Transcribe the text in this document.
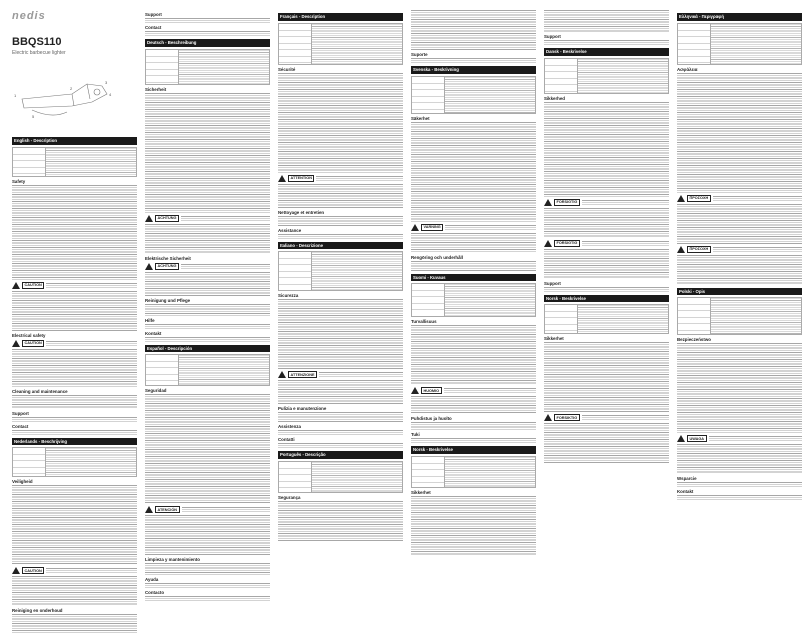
nedis
BBQS110
Electric barbecue lighter
1
2
3
4
5
English - Description
Safety
CAUTION
Electrical safety
CAUTION
Cleaning and maintenance
Support
Contact
Nederlands - Beschrijving
Veiligheid
CAUTION
Reiniging en onderhoud
Support
Contact
Deutsch - Beschreibung
Sicherheit
ACHTUNG
Elektrische Sicherheit
ACHTUNG
Reinigung und Pflege
Hilfe
Kontakt
Español - Descripción
Seguridad
ATENCIÓN
Limpieza y mantenimiento
Ayuda
Contacto
Français - Description
Sécurité
ATTENTION
Nettoyage et entretien
Assistance
Italiano - Descrizione
Sicurezza
ATTENZIONE
Pulizia e manutenzione
Assistenza
Contatti
Português - Descrição
Segurança
Suporte
Svenska - Beskrivning
Säkerhet
VARNING
Rengöring och underhåll
Suomi - Kuvaus
Turvallisuus
HUOMIO
Puhdistus ja huolto
Tuki
Norsk - Beskrivelse
Sikkerhet
Support
Dansk - Beskrivelse
Sikkerhed
FORSIGTIG
FORSIGTIG
Support
Norsk - Beskrivelse
Sikkerhet
FORSIKTIG
Ελληνικά - Περιγραφή
Ασφάλεια
ΠΡΟΣΟΧΗ
ΠΡΟΣΟΧΗ
Polski - Opis
Bezpieczeństwo
UWAGA
Wsparcie
Kontakt
